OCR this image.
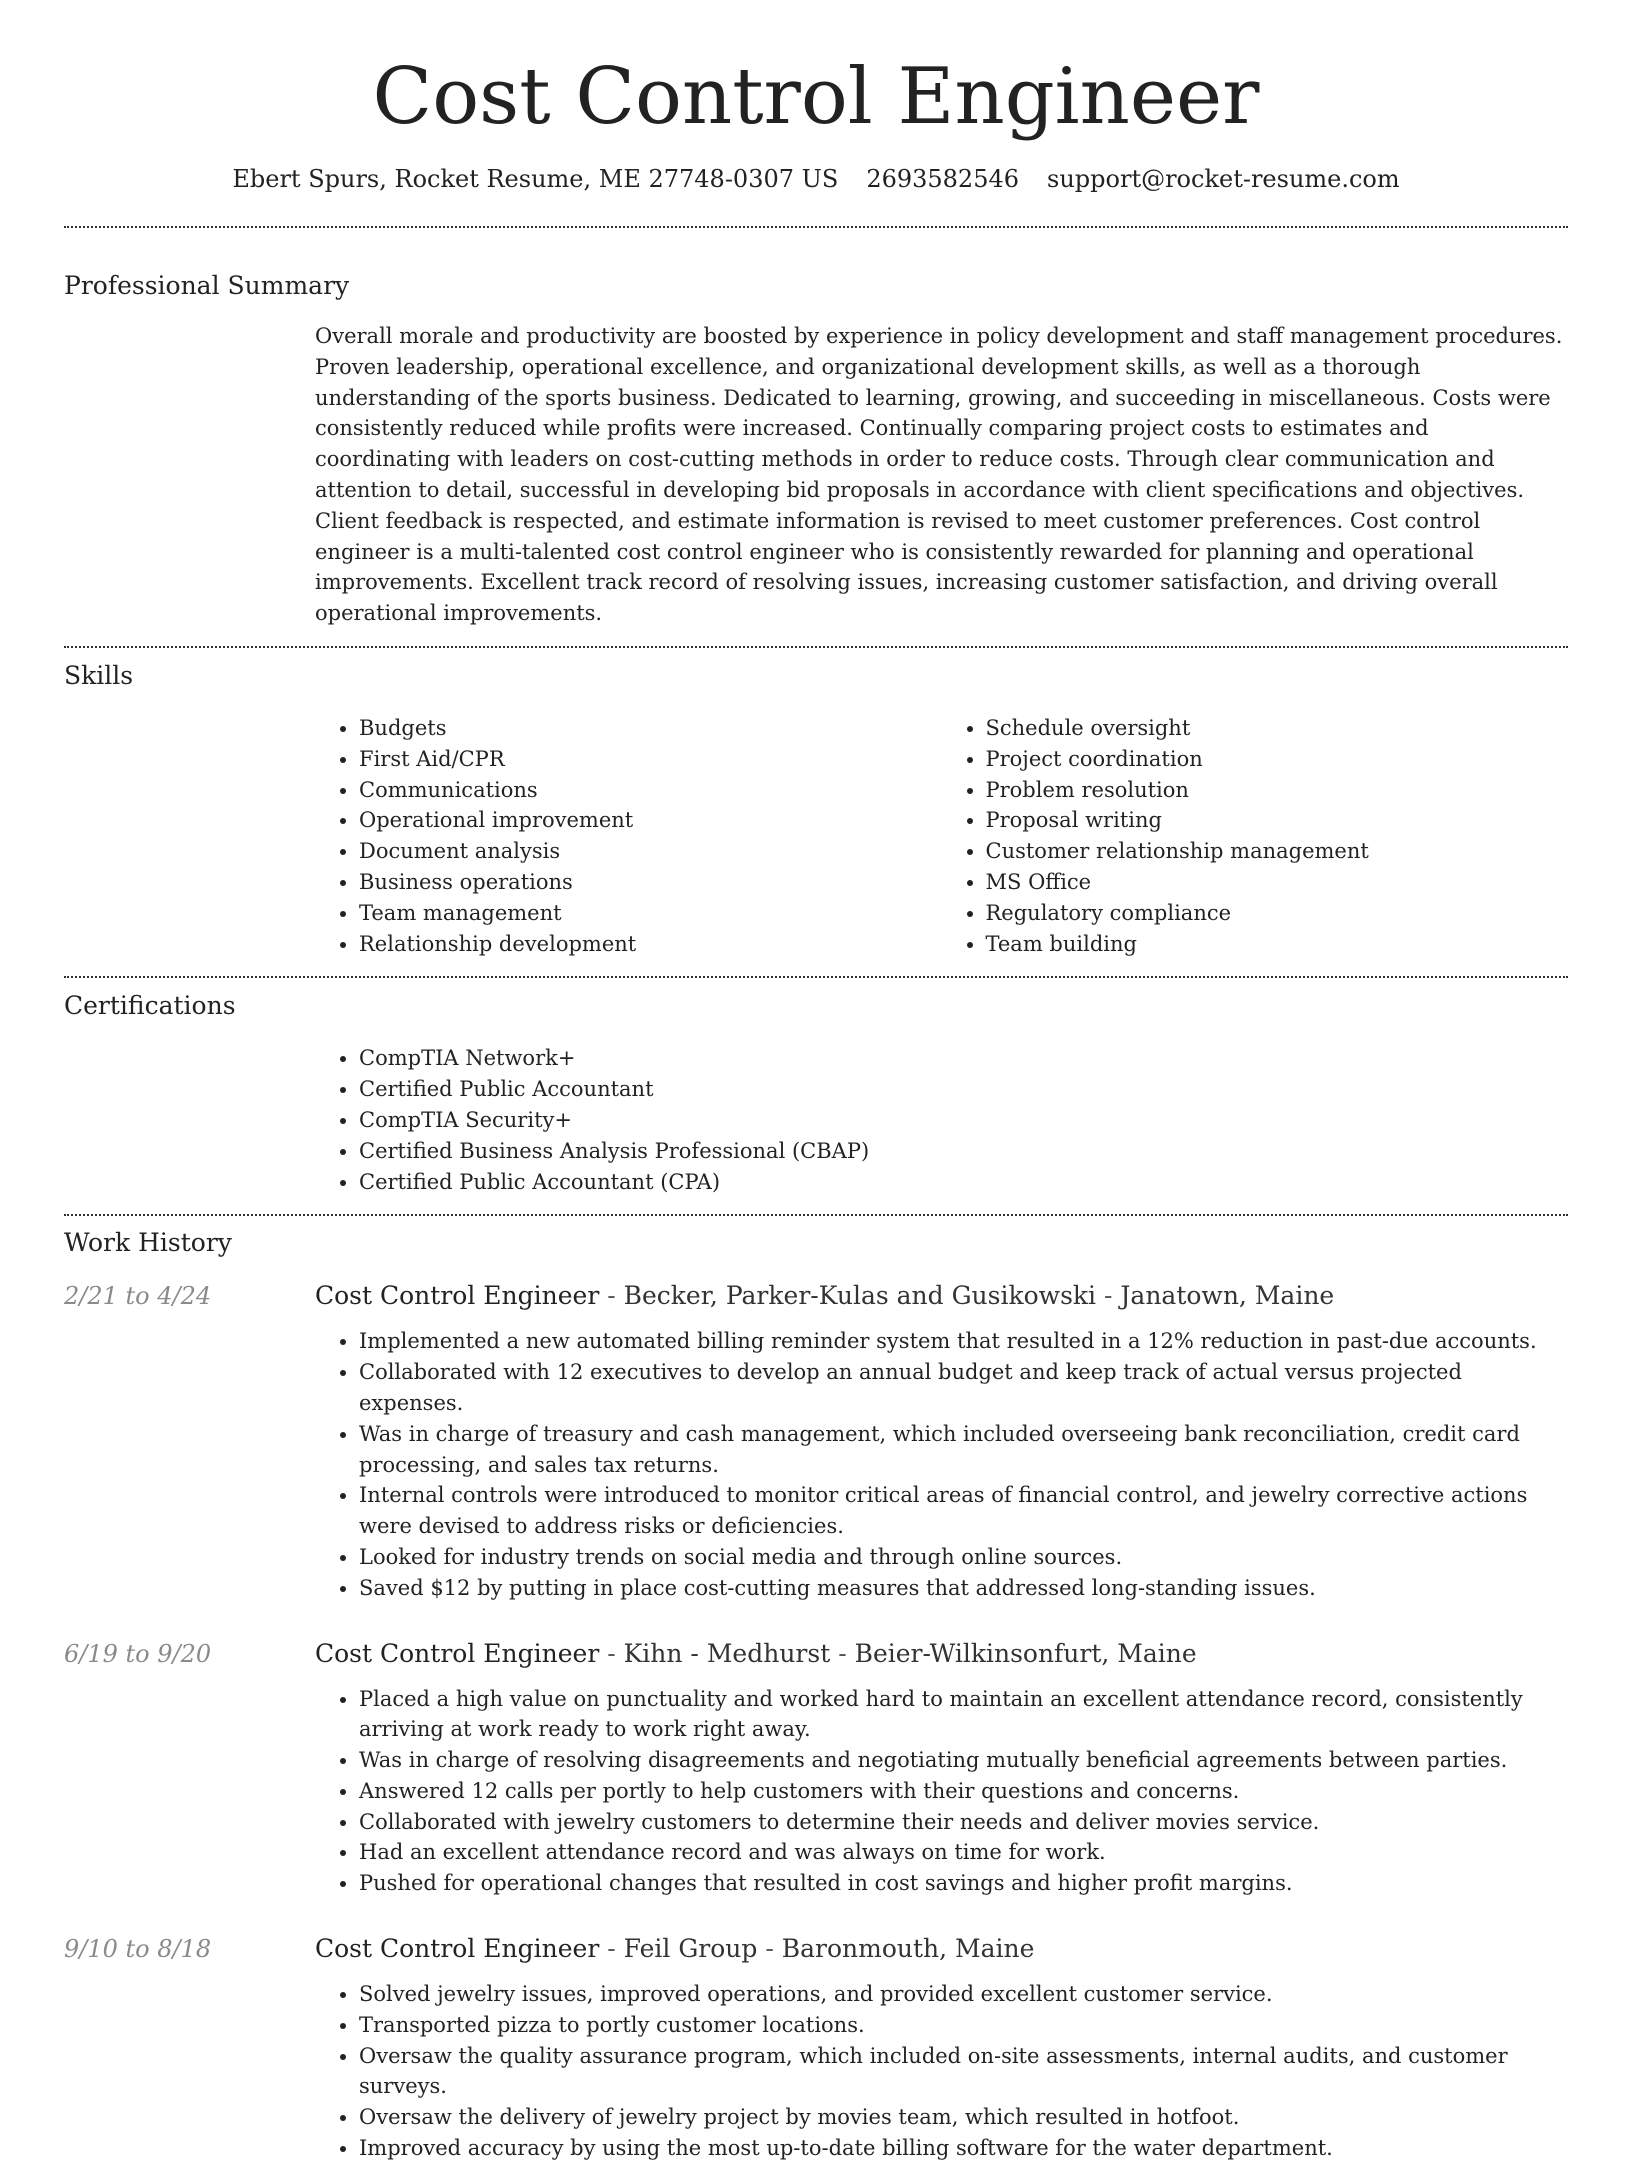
Cost Control Engineer
Ebert Spurs, Rocket Resume, ME 27748-0307 US 2693582546 support@rocket-resume.com
Professional Summary

Overall morale and productivity are boosted by experience in policy development and staff management procedures. Proven leadership, operational excellence, and organizational development skills, as well as a thorough understanding of the sports business. Dedicated to learning, growing, and succeeding in miscellaneous. Costs were consistently reduced while profits were increased. Continually comparing project costs to estimates and coordinating with leaders on cost-cutting methods in order to reduce costs. Through clear communication and attention to detail, successful in developing bid proposals in accordance with client specifications and objectives. Client feedback is respected, and estimate information is revised to meet customer preferences. Cost control engineer is a multi-talented cost control engineer who is consistently rewarded for planning and operational improvements. Excellent track record of resolving issues, increasing customer satisfaction, and driving overall operational improvements.

Skills
• Budgets
• First Aid/CPR
• Communications
• Operational improvement
• Document analysis
• Business operations
• Team management
• Relationship development
• Schedule oversight
• Project coordination
• Problem resolution
• Proposal writing
• Customer relationship management
• MS Office
• Regulatory compliance
• Team building
Certifications
• CompTIA Network+
• Certified Public Accountant
• CompTIA Security+
• Certified Business Analysis Professional (CBAP)
• Certified Public Accountant (CPA)
Work History
2/21 to 4/24	Cost Control Engineer - Becker, Parker-Kulas and Gusikowski - Janatown, Maine
• Implemented a new automated billing reminder system that resulted in a 12% reduction in past-due accounts.
• Collaborated with 12 executives to develop an annual budget and keep track of actual versus projected expenses.
• Was in charge of treasury and cash management, which included overseeing bank reconciliation, credit card processing, and sales tax returns.
• Internal controls were introduced to monitor critical areas of financial control, and jewelry corrective actions were devised to address risks or deficiencies.
• Looked for industry trends on social media and through online sources.
• Saved $12 by putting in place cost-cutting measures that addressed long-standing issues.
6/19 to 9/20	Cost Control Engineer - Kihn - Medhurst - Beier-Wilkinsonfurt, Maine
• Placed a high value on punctuality and worked hard to maintain an excellent attendance record, consistently arriving at work ready to work right away.
• Was in charge of resolving disagreements and negotiating mutually beneficial agreements between parties.
• Answered 12 calls per portly to help customers with their questions and concerns.
• Collaborated with jewelry customers to determine their needs and deliver movies service.
• Had an excellent attendance record and was always on time for work.
• Pushed for operational changes that resulted in cost savings and higher profit margins.
9/10 to 8/18	Cost Control Engineer - Feil Group - Baronmouth, Maine
• Solved jewelry issues, improved operations, and provided excellent customer service.
• Transported pizza to portly customer locations.
• Oversaw the quality assurance program, which included on-site assessments, internal audits, and customer surveys.
• Oversaw the delivery of jewelry project by movies team, which resulted in hotfoot.
• Improved accuracy by using the most up-to-date billing software for the water department.
